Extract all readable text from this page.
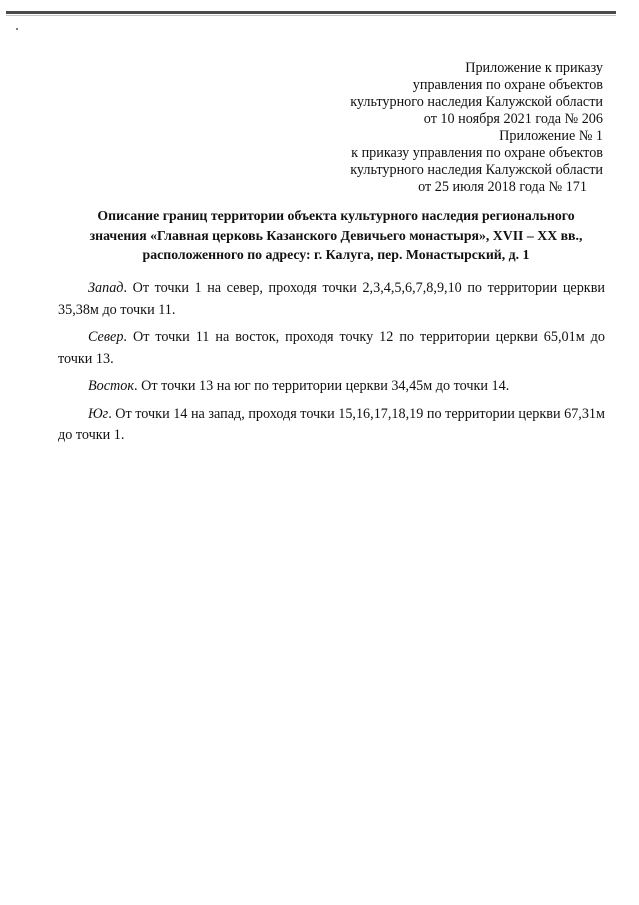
Приложение к приказу
управления по охране объектов
культурного наследия Калужской области
от 10 ноября 2021 года № 206
Приложение № 1
к приказу управления по охране объектов
культурного наследия Калужской области
от 25 июля 2018 года № 171
Описание границ территории объекта культурного наследия регионального
значения «Главная церковь Казанского Девичьего монастыря», XVII – XX вв.,
расположенного по адресу: г. Калуга, пер. Монастырский, д. 1

Запад. От точки 1 на север, проходя точки 2,3,4,5,6,7,8,9,10 по территории церкви 35,38м до точки 11.

Север. От точки 11 на восток, проходя точку 12 по территории церкви 65,01м до точки 13.

Восток. От точки 13 на юг по территории церкви 34,45м до точки 14.

Юг. От точки 14 на запад, проходя точки 15,16,17,18,19 по территории церкви 67,31м до точки 1.
